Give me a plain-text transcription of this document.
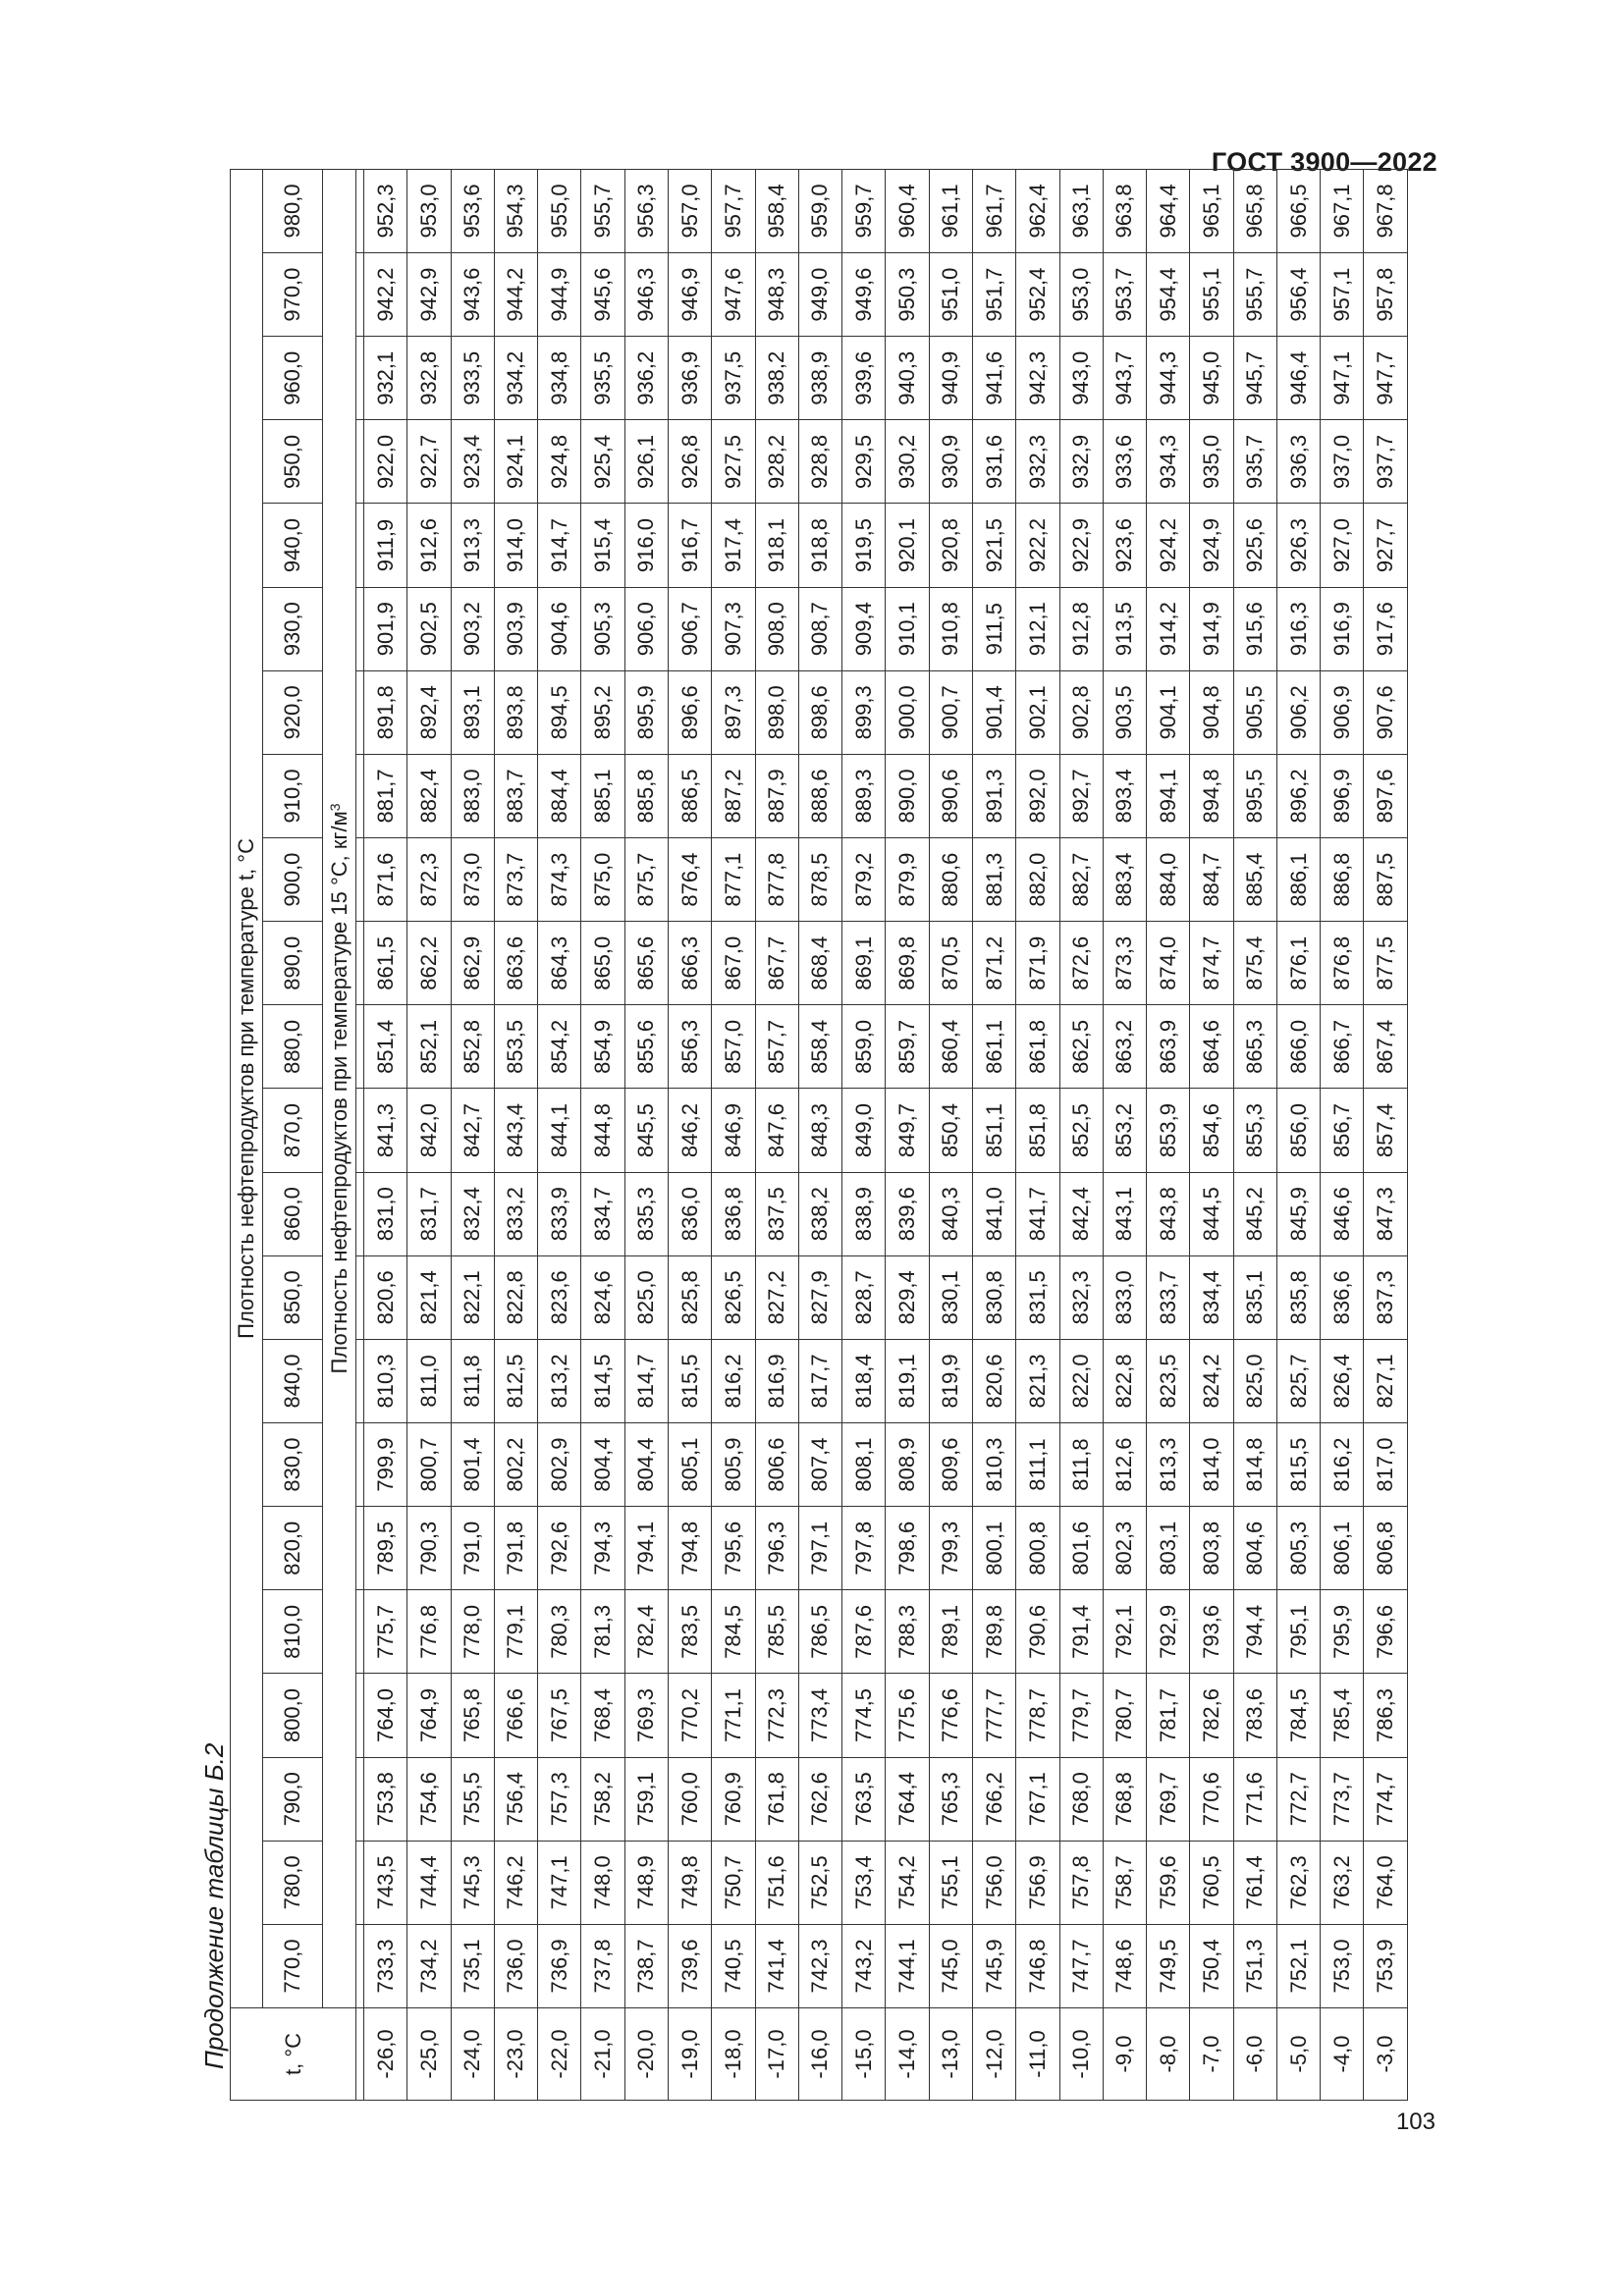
ГОСТ 3900—2022
Продолжение таблицы Б.2 t, °C	Плотность нефтепродуктов при температуре t, °C																					
	770,0	780,0	790,0	800,0	810,0	820,0	830,0	840,0	850,0	860,0	870,0	880,0	890,0	900,0	910,0	920,0	930,0	940,0	950,0	960,0	970,0	980,0
	Плотность нефтепродуктов при температуре 15 °C, $кг/м^3$

-26,0	733,3	743,5	753,8	764,0	775,7	789,5	799,9	810,3	820,6	831,0	841,3	851,4	861,5	871,6	881,7	891,8	901,9	911,9	922,0	932,1	942,2	952,3
-25,0	734,2	744,4	754,6	764,9	776,8	790,3	800,7	811,0	821,4	831,7	842,0	852,1	862,2	872,3	882,4	892,4	902,5	912,6	922,7	932,8	942,9	953,0
-24,0	735,1	745,3	755,5	765,8	778,0	791,0	801,4	811,8	822,1	832,4	842,7	852,8	862,9	873,0	883,0	893,1	903,2	913,3	923,4	933,5	943,6	953,6
-23,0	736,0	746,2	756,4	766,6	779,1	791,8	802,2	812,5	822,8	833,2	843,4	853,5	863,6	873,7	883,7	893,8	903,9	914,0	924,1	934,2	944,2	954,3
-22,0	736,9	747,1	757,3	767,5	780,3	792,6	802,9	813,2	823,6	833,9	844,1	854,2	864,3	874,3	884,4	894,5	904,6	914,7	924,8	934,8	944,9	955,0
-21,0	737,8	748,0	758,2	768,4	781,3	794,3	804,4	814,5	824,6	834,7	844,8	854,9	865,0	875,0	885,1	895,2	905,3	915,4	925,4	935,5	945,6	955,7
-20,0	738,7	748,9	759,1	769,3	782,4	794,1	804,4	814,7	825,0	835,3	845,5	855,6	865,6	875,7	885,8	895,9	906,0	916,0	926,1	936,2	946,3	956,3
-19,0	739,6	749,8	760,0	770,2	783,5	794,8	805,1	815,5	825,8	836,0	846,2	856,3	866,3	876,4	886,5	896,6	906,7	916,7	926,8	936,9	946,9	957,0
-18,0	740,5	750,7	760,9	771,1	784,5	795,6	805,9	816,2	826,5	836,8	846,9	857,0	867,0	877,1	887,2	897,3	907,3	917,4	927,5	937,5	947,6	957,7
-17,0	741,4	751,6	761,8	772,3	785,5	796,3	806,6	816,9	827,2	837,5	847,6	857,7	867,7	877,8	887,9	898,0	908,0	918,1	928,2	938,2	948,3	958,4
-16,0	742,3	752,5	762,6	773,4	786,5	797,1	807,4	817,7	827,9	838,2	848,3	858,4	868,4	878,5	888,6	898,6	908,7	918,8	928,8	938,9	949,0	959,0
-15,0	743,2	753,4	763,5	774,5	787,6	797,8	808,1	818,4	828,7	838,9	849,0	859,0	869,1	879,2	889,3	899,3	909,4	919,5	929,5	939,6	949,6	959,7
-14,0	744,1	754,2	764,4	775,6	788,3	798,6	808,9	819,1	829,4	839,6	849,7	859,7	869,8	879,9	890,0	900,0	910,1	920,1	930,2	940,3	950,3	960,4
-13,0	745,0	755,1	765,3	776,6	789,1	799,3	809,6	819,9	830,1	840,3	850,4	860,4	870,5	880,6	890,6	900,7	910,8	920,8	930,9	940,9	951,0	961,1
-12,0	745,9	756,0	766,2	777,7	789,8	800,1	810,3	820,6	830,8	841,0	851,1	861,1	871,2	881,3	891,3	901,4	911,5	921,5	931,6	941,6	951,7	961,7
-11,0	746,8	756,9	767,1	778,7	790,6	800,8	811,1	821,3	831,5	841,7	851,8	861,8	871,9	882,0	892,0	902,1	912,1	922,2	932,3	942,3	952,4	962,4
-10,0	747,7	757,8	768,0	779,7	791,4	801,6	811,8	822,0	832,3	842,4	852,5	862,5	872,6	882,7	892,7	902,8	912,8	922,9	932,9	943,0	953,0	963,1
-9,0	748,6	758,7	768,8	780,7	792,1	802,3	812,6	822,8	833,0	843,1	853,2	863,2	873,3	883,4	893,4	903,5	913,5	923,6	933,6	943,7	953,7	963,8
-8,0	749,5	759,6	769,7	781,7	792,9	803,1	813,3	823,5	833,7	843,8	853,9	863,9	874,0	884,0	894,1	904,1	914,2	924,2	934,3	944,3	954,4	964,4
-7,0	750,4	760,5	770,6	782,6	793,6	803,8	814,0	824,2	834,4	844,5	854,6	864,6	874,7	884,7	894,8	904,8	914,9	924,9	935,0	945,0	955,1	965,1
-6,0	751,3	761,4	771,6	783,6	794,4	804,6	814,8	825,0	835,1	845,2	855,3	865,3	875,4	885,4	895,5	905,5	915,6	925,6	935,7	945,7	955,7	965,8
-5,0	752,1	762,3	772,7	784,5	795,1	805,3	815,5	825,7	835,8	845,9	856,0	866,0	876,1	886,1	896,2	906,2	916,3	926,3	936,3	946,4	956,4	966,5
-4,0	753,0	763,2	773,7	785,4	795,9	806,1	816,2	826,4	836,6	846,6	856,7	866,7	876,8	886,8	896,9	906,9	916,9	927,0	937,0	947,1	957,1	967,1
-3,0	753,9	764,0	774,7	786,3	796,6	806,8	817,0	827,1	837,3	847,3	857,4	867,4	877,5	887,5	897,6	907,6	917,6	927,7	937,7	947,7	957,8	967,8
103
